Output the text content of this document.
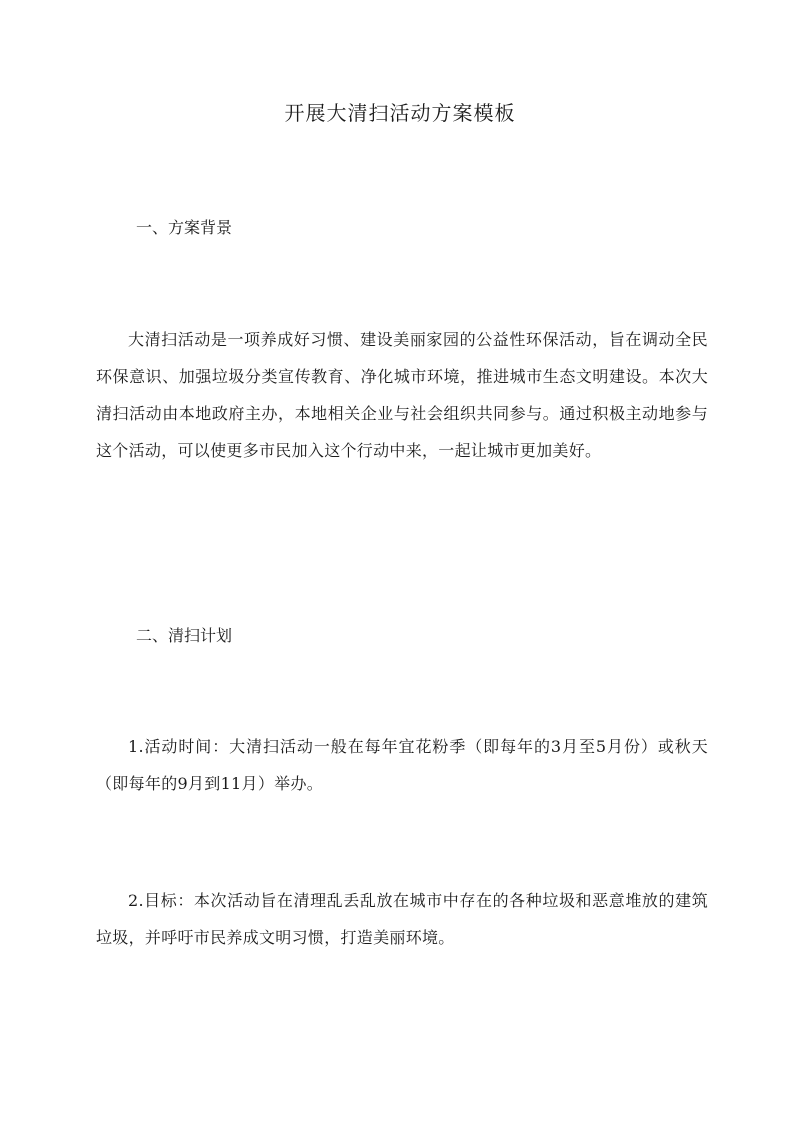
开展大清扫活动方案模板
一、方案背景

大清扫活动是一项养成好习惯、建设美丽家园的公益性环保活动，旨在调动全民环保意识、加强垃圾分类宣传教育、净化城市环境，推进城市生态文明建设。本次大清扫活动由本地政府主办，本地相关企业与社会组织共同参与。通过积极主动地参与这个活动，可以使更多市民加入这个行动中来，一起让城市更加美好。

二、清扫计划

1.活动时间：大清扫活动一般在每年宜花粉季（即每年的3月至5月份）或秋天（即每年的9月到11月）举办。

2.目标：本次活动旨在清理乱丢乱放在城市中存在的各种垃圾和恶意堆放的建筑垃圾，并呼吁市民养成文明习惯，打造美丽环境。
